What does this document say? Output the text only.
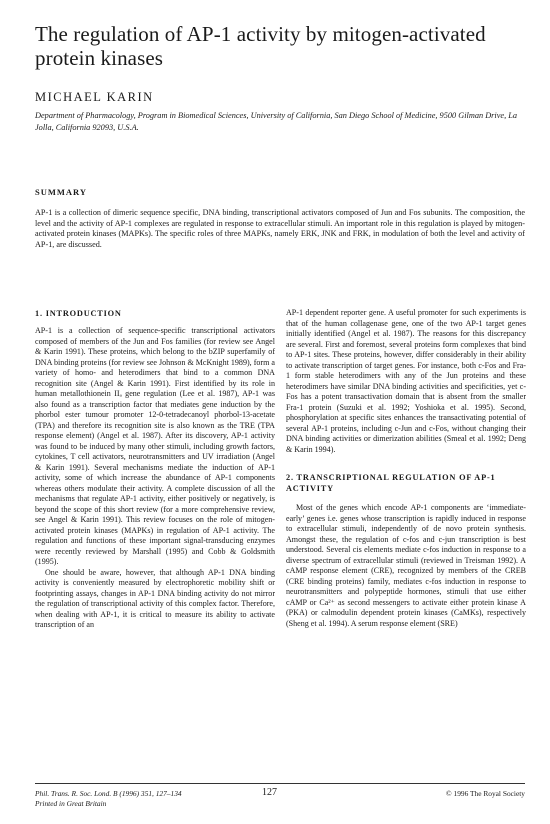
The regulation of AP-1 activity by mitogen-activated protein kinases
MICHAEL KARIN
Department of Pharmacology, Program in Biomedical Sciences, University of California, San Diego School of Medicine, 9500 Gilman Drive, La Jolla, California 92093, U.S.A.
SUMMARY
AP-1 is a collection of dimeric sequence specific, DNA binding, transcriptional activators composed of Jun and Fos subunits. The composition, the level and the activity of AP-1 complexes are regulated in response to extracellular stimuli. An important role in this regulation is played by mitogen-activated protein kinases (MAPKs). The specific roles of three MAPKs, namely ERK, JNK and FRK, in modulation of both the level and activity of AP-1, are discussed.

1. INTRODUCTION

AP-1 is a collection of sequence-specific transcriptional activators composed of members of the Jun and Fos families (for review see Angel & Karin 1991). These proteins, which belong to the bZIP superfamily of DNA binding proteins (for review see Johnson & McKnight 1989), form a variety of homo- and heterodimers that bind to a common DNA recognition site (Angel & Karin 1991). First identified by its role in human metallothionein IIₐ gene regulation (Lee et al. 1987), AP-1 was also found as a transcription factor that mediates gene induction by the phorbol ester tumour promoter 12-0-tetradecanoyl phorbol-13-acetate (TPA) and therefore its recognition site is also known as the TRE (TPA response element) (Angel et al. 1987). After its discovery, AP-1 activity was found to be induced by many other stimuli, including growth factors, cytokines, T cell activators, neurotransmitters and UV irradiation (Angel & Karin 1991). Several mechanisms mediate the induction of AP-1 activity, some of which increase the abundance of AP-1 components whereas others modulate their activity. A complete discussion of all the mechanisms that regulate AP-1 activity, either positively or negatively, is beyond the scope of this short review (for a more comprehensive review, see Angel & Karin 1991). This review focuses on the role of mitogen-activated protein kinases (MAPKs) in regulation of AP-1 activity. The regulation and functions of these important signal-transducing enzymes were recently reviewed by Marshall (1995) and Cobb & Goldsmith (1995).

One should be aware, however, that although AP-1 DNA binding activity is conveniently measured by electrophoretic mobility shift or footprinting assays, changes in AP-1 DNA binding activity do not mirror the regulation of transcriptional activity of this complex factor. Therefore, when dealing with AP-1, it is critical to measure its ability to activate transcription of an

AP-1 dependent reporter gene. A useful promoter for such experiments is that of the human collagenase gene, one of the two AP-1 target genes initially identified (Angel et al. 1987). The reasons for this discrepancy are several. First and foremost, several proteins form complexes that bind to AP-1 sites. These proteins, however, differ considerably in their ability to activate transcription of target genes. For instance, both c-Fos and Fra-1 form stable heterodimers with any of the Jun proteins and these heterodimers have similar DNA binding activities and specificities, yet c-Fos has a potent transactivation domain that is absent from the smaller Fra-1 protein (Suzuki et al. 1992; Yoshioka et al. 1995). Second, phosphorylation at specific sites enhances the transactivating potential of several AP-1 proteins, including c-Jun and c-Fos, without changing their DNA binding activities or dimerization abilities (Smeal et al. 1992; Deng & Karin 1994).

2. TRANSCRIPTIONAL REGULATION OF AP-1 ACTIVITY

Most of the genes which encode AP-1 components are ‘immediate-early’ genes i.e. genes whose transcription is rapidly induced in response to extracellular stimuli, independently of de novo protein synthesis. Amongst these, the regulation of c-fos and c-jun transcription is best understood. Several cis elements mediate c-fos induction in response to a diverse spectrum of extracellular stimuli (reviewed in Treisman 1992). A cAMP response element (CRE), recognized by members of the CREB (CRE binding proteins) family, mediates c-fos induction in response to neurotransmitters and polypeptide hormones, stimuli that use either cAMP or Ca²⁺ as second messengers to activate either protein kinase A (PKA) or calmodulin dependent protein kinases (CaMKs), respectively (Sheng et al. 1994). A serum response element (SRE)

Phil. Trans. R. Soc. Lond. B (1996) 351, 127–134
Printed in Great Britain
127	© 1996 The Royal Society
